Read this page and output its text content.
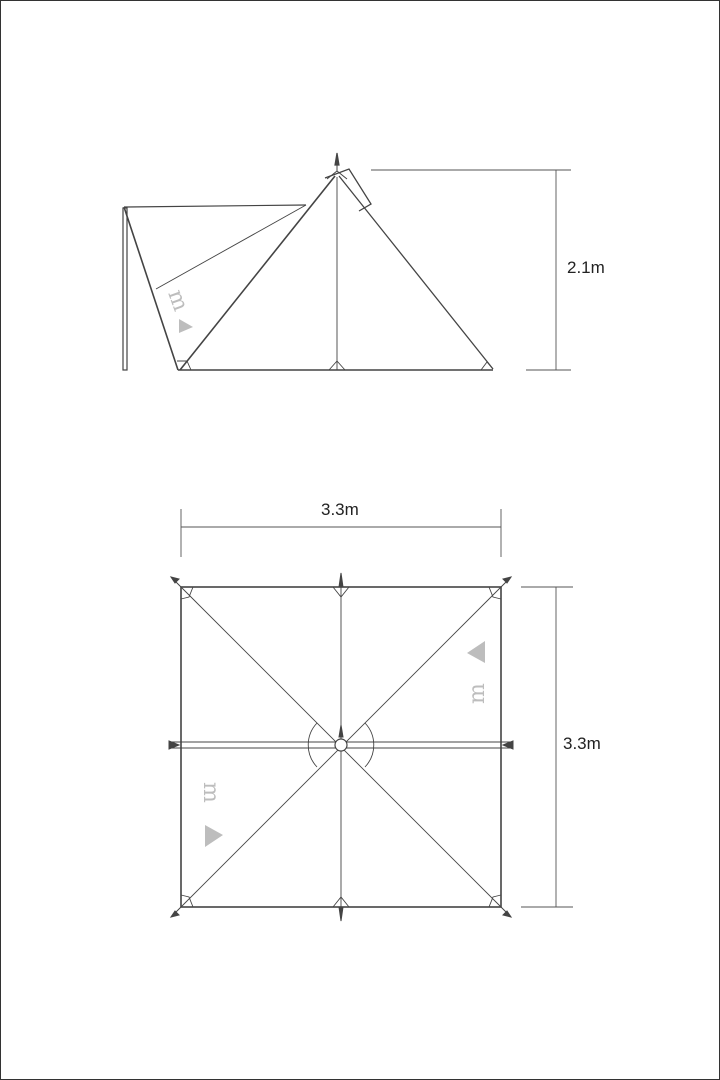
m
2.1m
3.3m
3.3m
m
m
